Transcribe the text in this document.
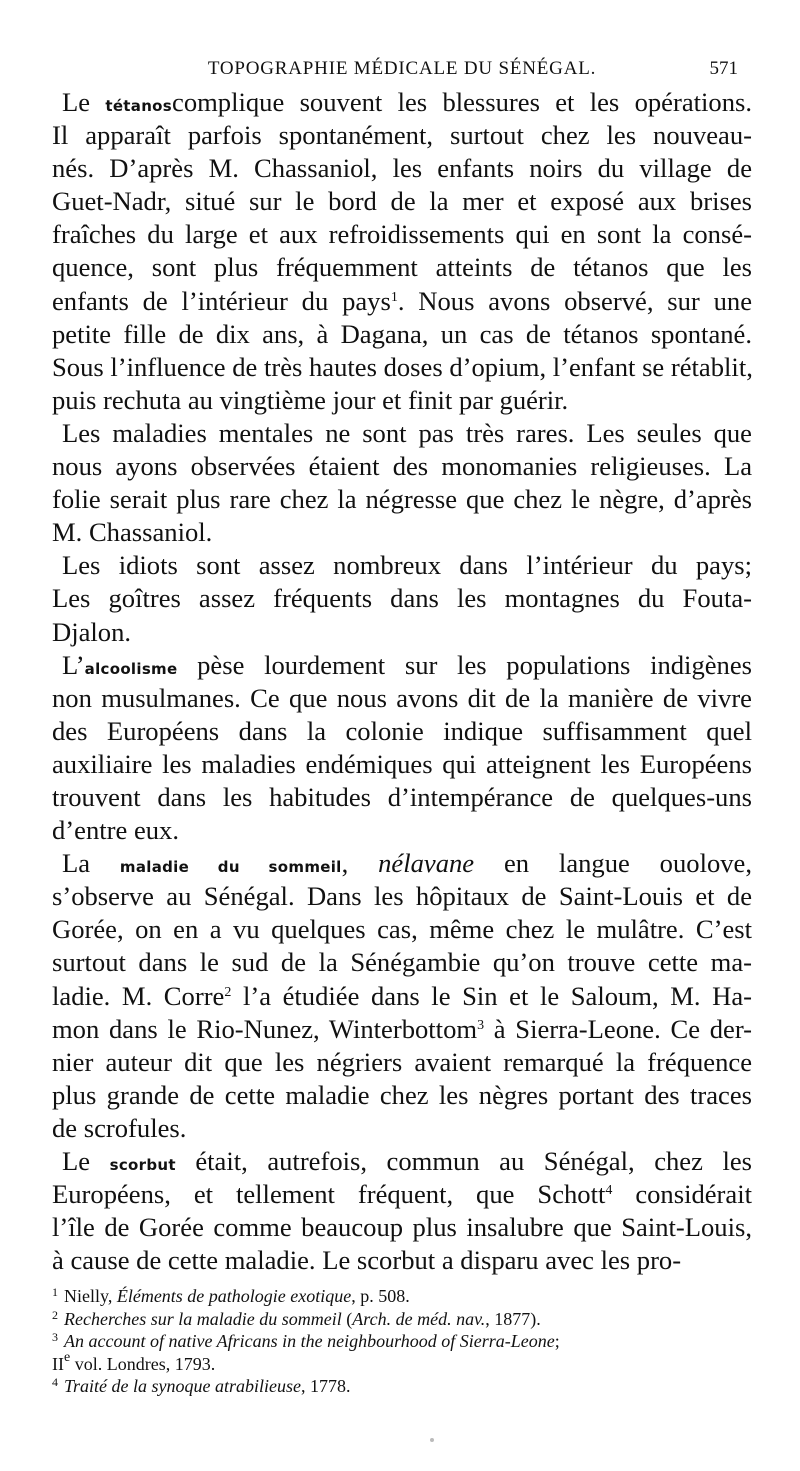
TOPOGRAPHIE MÉDICALE DU SÉNÉGAL.	571

Le tétanoscomplique souvent les blessures et les opérations.
Il apparaît parfois spontanément, surtout chez les nouveau-
nés. D’après M. Chassaniol, les enfants noirs du village de
Guet-Nadr, situé sur le bord de la mer et exposé aux brises
fraîches du large et aux refroidissements qui en sont la consé-
quence, sont plus fréquemment atteints de tétanos que les
enfants de l’intérieur du pays$^1$. Nous avons observé, sur une
petite fille de dix ans, à Dagana, un cas de tétanos spontané.
Sous l’influence de très hautes doses d’opium, l’enfant se rétablit,
puis rechuta au vingtième jour et finit par guérir.

Les maladies mentales ne sont pas très rares. Les seules que
nous ayons observées étaient des monomanies religieuses. La
folie serait plus rare chez la négresse que chez le nègre, d’après
M. Chassaniol.

Les idiots sont assez nombreux dans l’intérieur du pays;
Les goîtres assez fréquents dans les montagnes du Fouta-
Djalon.

L’alcoolisme pèse lourdement sur les populations indigènes
non musulmanes. Ce que nous avons dit de la manière de vivre
des Européens dans la colonie indique suffisamment quel
auxiliaire les maladies endémiques qui atteignent les Européens
trouvent dans les habitudes d’intempérance de quelques-uns
d’entre eux.

La maladie du sommeil, nélavane en langue ouolove,
s’observe au Sénégal. Dans les hôpitaux de Saint-Louis et de
Gorée, on en a vu quelques cas, même chez le mulâtre. C’est
surtout dans le sud de la Sénégambie qu’on trouve cette ma-
ladie. M. Corre$^2$ l’a étudiée dans le Sin et le Saloum, M. Ha-
mon dans le Rio-Nunez, Winterbottom$^3$ à Sierra-Leone. Ce der-
nier auteur dit que les négriers avaient remarqué la fréquence
plus grande de cette maladie chez les nègres portant des traces
de scrofules.

Le scorbut était, autrefois, commun au Sénégal, chez les
Européens, et tellement fréquent, que Schott$^4$ considérait
l’île de Gorée comme beaucoup plus insalubre que Saint-Louis,
à cause de cette maladie. Le scorbut a disparu avec les pro-

1 Nielly, Éléments de pathologie exotique, p. 508.
2 Recherches sur la maladie du sommeil (Arch. de méd. nav., 1877).
3 An account of native Africans in the neighbourhood of Sierra-Leone;
IIe vol. Londres, 1793.
4 Traité de la synoque atrabilieuse, 1778.
